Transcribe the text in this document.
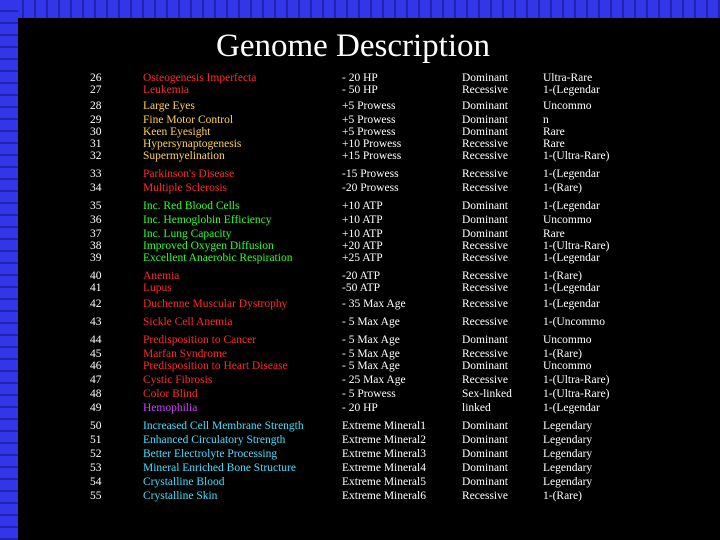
Genome Description
26	Osteogenesis Imperfecta	- 20 HP	Dominant	Ultra-Rare
27	Leukemia	- 50 HP	Recessive	1-(Legendar
28	Large Eyes	+5 Prowess	Dominant	Uncommo
29	Fine Motor Control	+5 Prowess	Dominant	n
30	Keen Eyesight	+5 Prowess	Dominant	Rare
31	Hypersynaptogenesis	+10 Prowess	Recessive	Rare
32	Supermyelination	+15 Prowess	Recessive	1-(Ultra-Rare)
33	Parkinson's Disease	-15 Prowess	Recessive	1-(Legendar
34	Multiple Sclerosis	-20 Prowess	Recessive	1-(Rare)
35	Inc. Red Blood Cells	+10 ATP	Dominant	1-(Legendar
36	Inc. Hemoglobin Efficiency	+10 ATP	Dominant	Uncommo
37	Inc. Lung Capacity	+10 ATP	Dominant	Rare
38	Improved Oxygen Diffusion	+20 ATP	Recessive	1-(Ultra-Rare)
39	Excellent Anaerobic Respiration	+25 ATP	Recessive	1-(Legendar
40	Anemia	-20 ATP	Recessive	1-(Rare)
41	Lupus	-50 ATP	Recessive	1-(Legendar
42	Duchenne Muscular Dystrophy	- 35 Max Age	Recessive	1-(Legendar
43	Sickle Cell Anemia	- 5 Max Age	Recessive	1-(Uncommo
44	Predisposition to Cancer	- 5 Max Age	Dominant	Uncommo
45	Marfan Syndrome	- 5 Max Age	Recessive	1-(Rare)
46	Predisposition to Heart Disease	- 5 Max Age	Dominant	Uncommo
47	Cystic Fibrosis	- 25 Max Age	Recessive	1-(Ultra-Rare)
48	Color Blind	- 5 Prowess	Sex-linked	1-(Ultra-Rare)
49	Hemophilia	- 20 HP	linked	1-(Legendar
50	Increased Cell Membrane Strength	Extreme Mineral1	Dominant	Legendary
51	Enhanced Circulatory Strength	Extreme Mineral2	Dominant	Legendary
52	Better Electrolyte Processing	Extreme Mineral3	Dominant	Legendary
53	Mineral Enriched Bone Structure	Extreme Mineral4	Dominant	Legendary
54	Crystalline Blood	Extreme Mineral5	Dominant	Legendary
55	Crystalline Skin	Extreme Mineral6	Recessive	1-(Rare)
